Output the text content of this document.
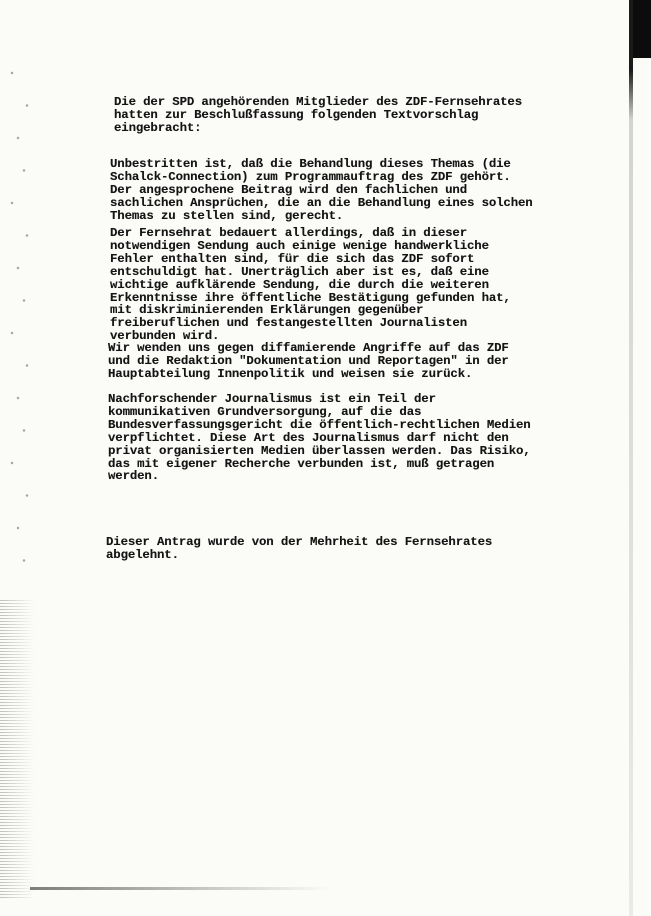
Die der SPD angehörenden Mitglieder des ZDF-Fernsehrates
hatten zur Beschlußfassung folgenden Textvorschlag
eingebracht:

Unbestritten ist, daß die Behandlung dieses Themas (die
Schalck-Connection) zum Programmauftrag des ZDF gehört.
Der angesprochene Beitrag wird den fachlichen und
sachlichen Ansprüchen, die an die Behandlung eines solchen
Themas zu stellen sind, gerecht.

Der Fernsehrat bedauert allerdings, daß in dieser
notwendigen Sendung auch einige wenige handwerkliche
Fehler enthalten sind, für die sich das ZDF sofort
entschuldigt hat. Unerträglich aber ist es, daß eine
wichtige aufklärende Sendung, die durch die weiteren
Erkenntnisse ihre öffentliche Bestätigung gefunden hat,
mit diskriminierenden Erklärungen gegenüber
freiberuflichen und festangestellten Journalisten
verbunden wird.

Wir wenden uns gegen diffamierende Angriffe auf das ZDF
und die Redaktion "Dokumentation und Reportagen" in der
Hauptabteilung Innenpolitik und weisen sie zurück.

Nachforschender Journalismus ist ein Teil der
kommunikativen Grundversorgung, auf die das
Bundesverfassungsgericht die öffentlich-rechtlichen Medien
verpflichtet. Diese Art des Journalismus darf nicht den
privat organisierten Medien überlassen werden. Das Risiko,
das mit eigener Recherche verbunden ist, muß getragen
werden.

Dieser Antrag wurde von der Mehrheit des Fernsehrates
abgelehnt.
